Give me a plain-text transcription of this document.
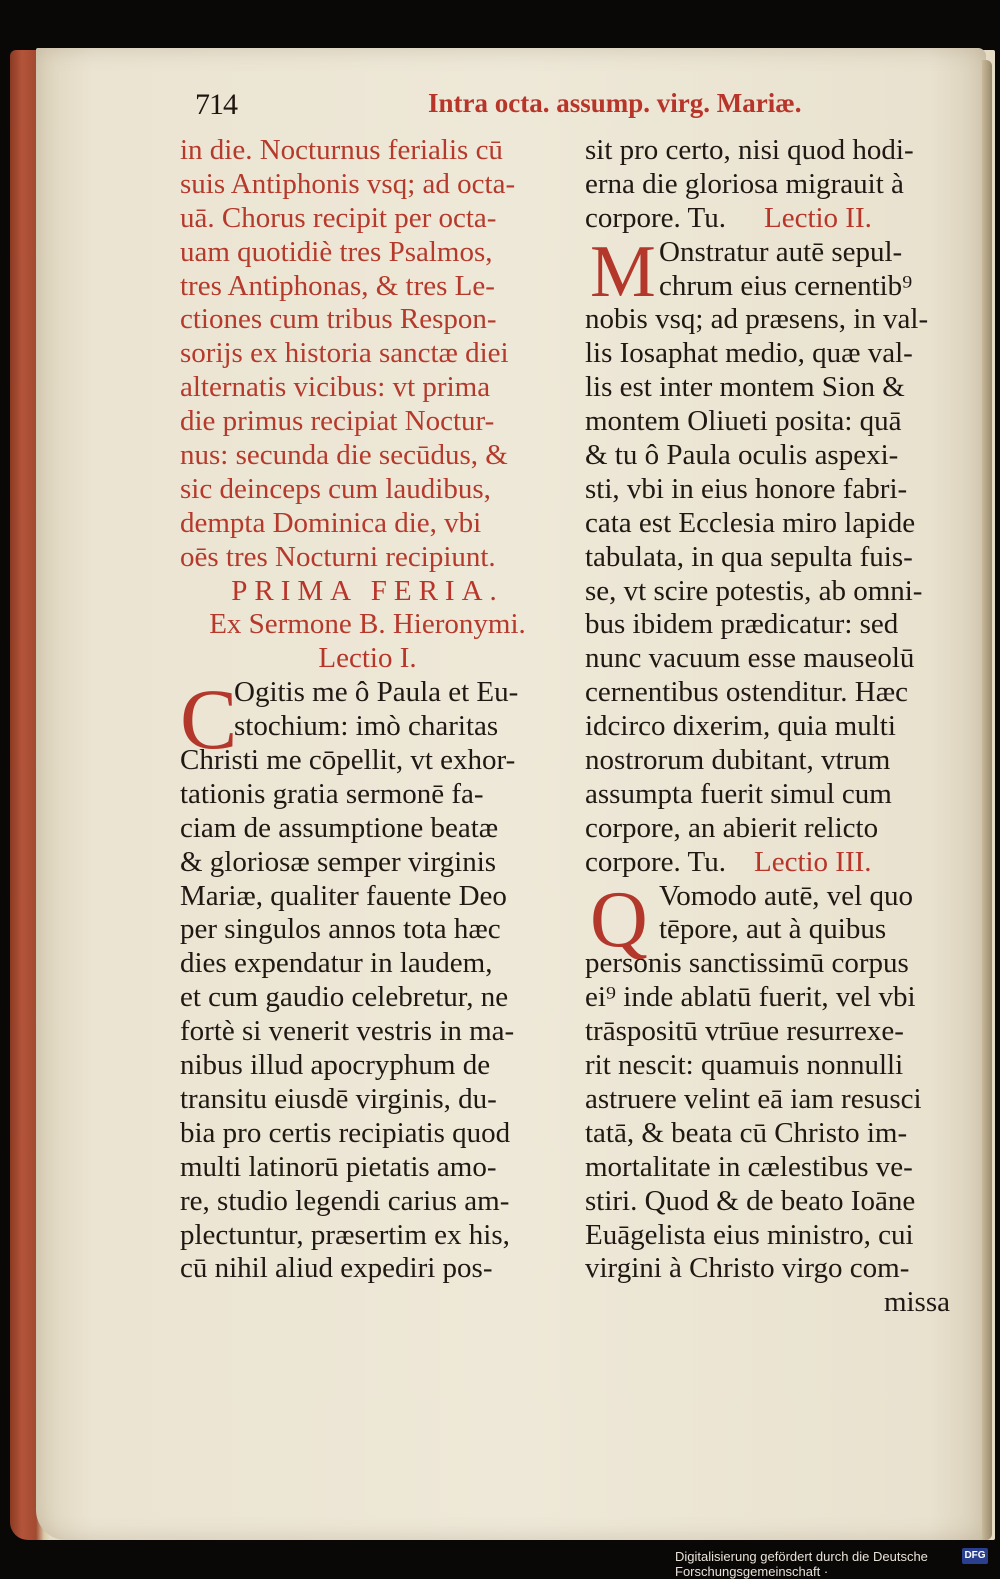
714	Intra octa. assump. virg. Mariæ.
in die. Nocturnus ferialis cū
suis Antiphonis vsq; ad octa-
uā. Chorus recipit per octa-
uam quotidiè tres Psalmos,
tres Antiphonas, & tres Le-
ctiones cum tribus Respon-
sorijs ex historia sanctæ diei
alternatis vicibus: vt prima
die primus recipiat Noctur-
nus: secunda die secūdus, &
sic deinceps cum laudibus,
dempta Dominica die, vbi
oēs tres Nocturni recipiunt.
PRIMA FERIA.
Ex Sermone B. Hieronymi.
Lectio I.
Ogitis me ô Paula et Eu-
stochium: imò charitas
Christi me cōpellit, vt exhor-
tationis gratia sermonē fa-
ciam de assumptione beatæ
& gloriosæ semper virginis
Mariæ, qualiter fauente Deo
per singulos annos tota hæc
dies expendatur in laudem,
et cum gaudio celebretur, ne
fortè si venerit vestris in ma-
nibus illud apocryphum de
transitu eiusdē virginis, du-
bia pro certis recipiatis quod
multi latinorū pietatis amo-
re, studio legendi carius am-
plectuntur, præsertim ex his,
cū nihil aliud expediri pos-
C
sit pro certo, nisi quod hodi-
erna die gloriosa migrauit à
corpore. Tu. Lectio II.
Onstratur autē sepul-
chrum eius cernentib⁹
nobis vsq; ad præsens, in val-
lis Iosaphat medio, quæ val-
lis est inter montem Sion &
montem Oliueti posita: quā
& tu ô Paula oculis aspexi-
sti, vbi in eius honore fabri-
cata est Ecclesia miro lapide
tabulata, in qua sepulta fuis-
se, vt scire potestis, ab omni-
bus ibidem prædicatur: sed
nunc vacuum esse mauseolū
cernentibus ostenditur. Hæc
idcirco dixerim, quia multi
nostrorum dubitant, vtrum
assumpta fuerit simul cum
corpore, an abierit relicto
corpore. Tu. Lectio III.
Vomodo autē, vel quo
tēpore, aut à quibus
personis sanctissimū corpus
ei⁹ inde ablatū fuerit, vel vbi
trāspositū vtrūue resurrexe-
rit nescit: quamuis nonnulli
astruere velint eā iam resusci
tatā, & beata cū Christo im-
mortalitate in cælestibus ve-
stiri. Quod & de beato Ioāne
Euāgelista eius ministro, cui
virgini à Christo virgo com-
missa
M
Q
Digitalisierung gefördert durch die Deutsche Forschungsgemeinschaft ·
DFG
